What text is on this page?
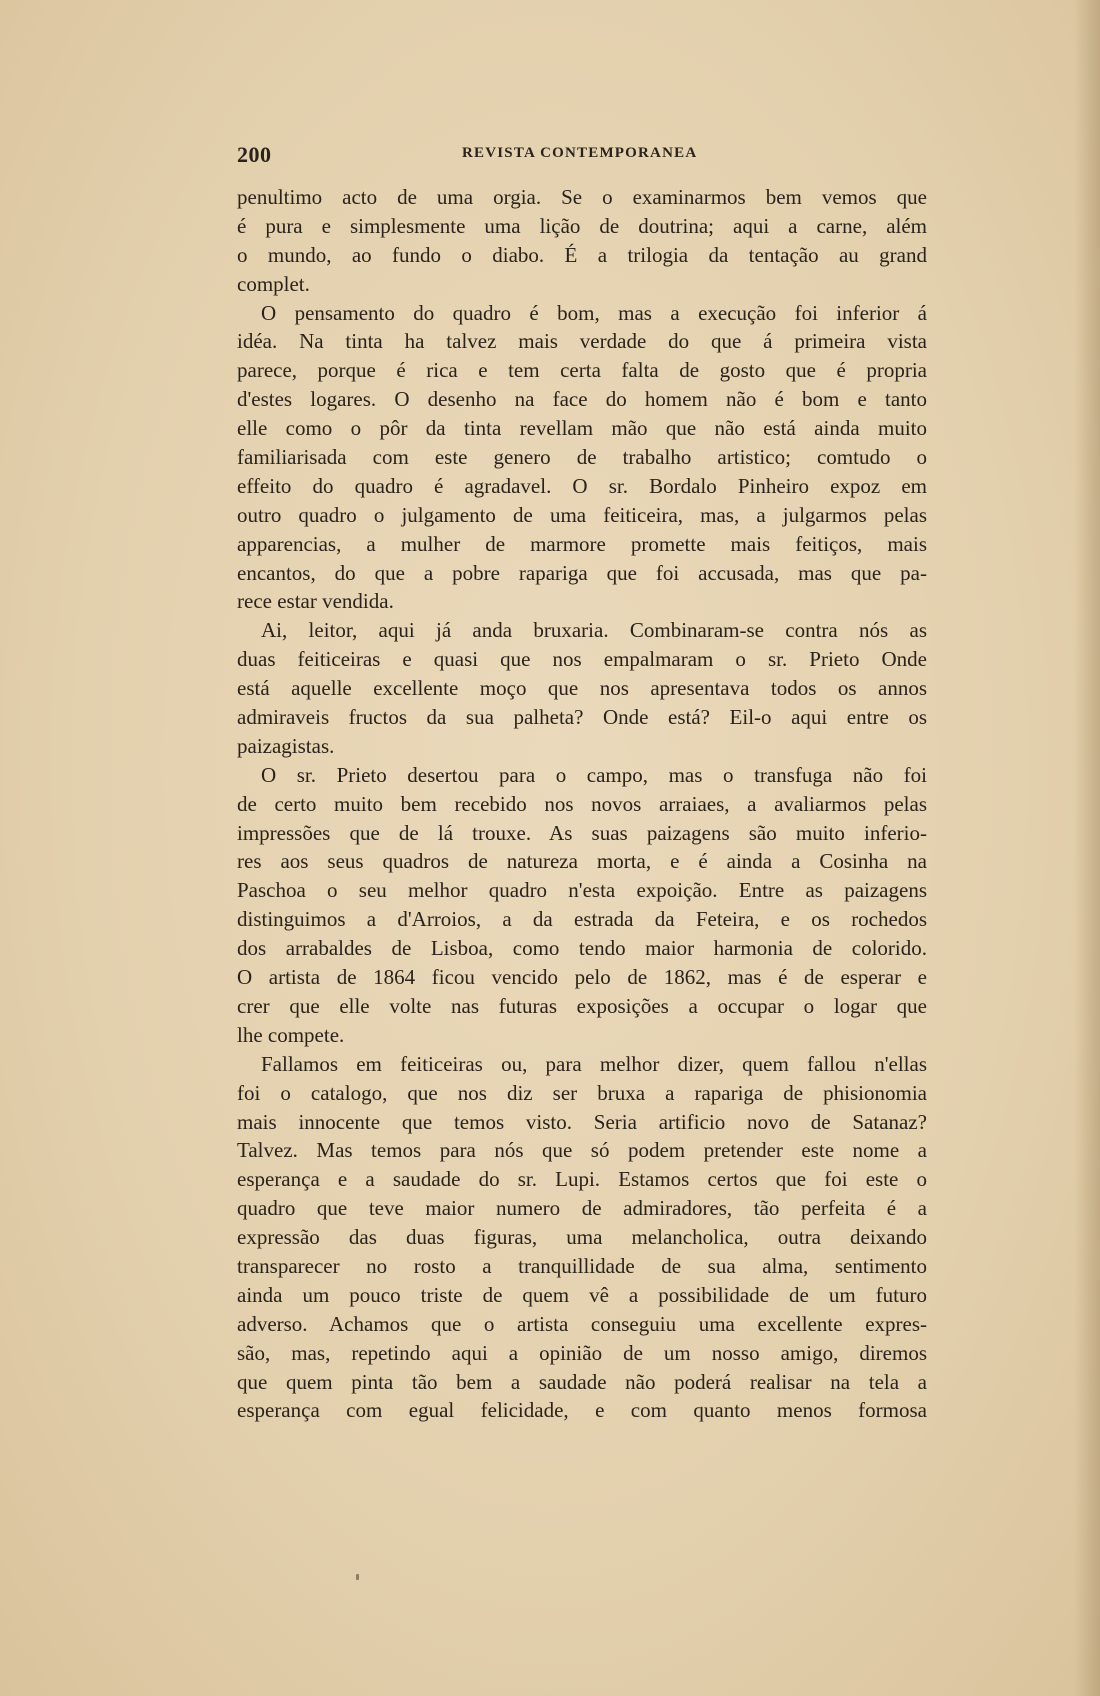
200	REVISTA CONTEMPORANEA
penultimo acto de uma orgia. Se o examinarmos bem vemos que
é pura e simplesmente uma lição de doutrina; aqui a carne, além
o mundo, ao fundo o diabo. É a trilogia da tentação au grand
complet.
O pensamento do quadro é bom, mas a execução foi inferior á
idéa. Na tinta ha talvez mais verdade do que á primeira vista
parece, porque é rica e tem certa falta de gosto que é propria
d'estes logares. O desenho na face do homem não é bom e tanto
elle como o pôr da tinta revellam mão que não está ainda muito
familiarisada com este genero de trabalho artistico; comtudo o
effeito do quadro é agradavel. O sr. Bordalo Pinheiro expoz em
outro quadro o julgamento de uma feiticeira, mas, a julgarmos pelas
apparencias, a mulher de marmore promette mais feitiços, mais
encantos, do que a pobre rapariga que foi accusada, mas que pa-
rece estar vendida.
Ai, leitor, aqui já anda bruxaria. Combinaram-se contra nós as
duas feiticeiras e quasi que nos empalmaram o sr. Prieto Onde
está aquelle excellente moço que nos apresentava todos os annos
admiraveis fructos da sua palheta? Onde está? Eil-o aqui entre os
paizagistas.
O sr. Prieto desertou para o campo, mas o transfuga não foi
de certo muito bem recebido nos novos arraiaes, a avaliarmos pelas
impressões que de lá trouxe. As suas paizagens são muito inferio-
res aos seus quadros de natureza morta, e é ainda a Cosinha na
Paschoa o seu melhor quadro n'esta expoição. Entre as paizagens
distinguimos a d'Arroios, a da estrada da Feteira, e os rochedos
dos arrabaldes de Lisboa, como tendo maior harmonia de colorido.
O artista de 1864 ficou vencido pelo de 1862, mas é de esperar e
crer que elle volte nas futuras exposições a occupar o logar que
lhe compete.
Fallamos em feiticeiras ou, para melhor dizer, quem fallou n'ellas
foi o catalogo, que nos diz ser bruxa a rapariga de phisionomia
mais innocente que temos visto. Seria artificio novo de Satanaz?
Talvez. Mas temos para nós que só podem pretender este nome a
esperança e a saudade do sr. Lupi. Estamos certos que foi este o
quadro que teve maior numero de admiradores, tão perfeita é a
expressão das duas figuras, uma melancholica, outra deixando
transparecer no rosto a tranquillidade de sua alma, sentimento
ainda um pouco triste de quem vê a possibilidade de um futuro
adverso. Achamos que o artista conseguiu uma excellente expres-
são, mas, repetindo aqui a opinião de um nosso amigo, diremos
que quem pinta tão bem a saudade não poderá realisar na tela a
esperança com egual felicidade, e com quanto menos formosa
